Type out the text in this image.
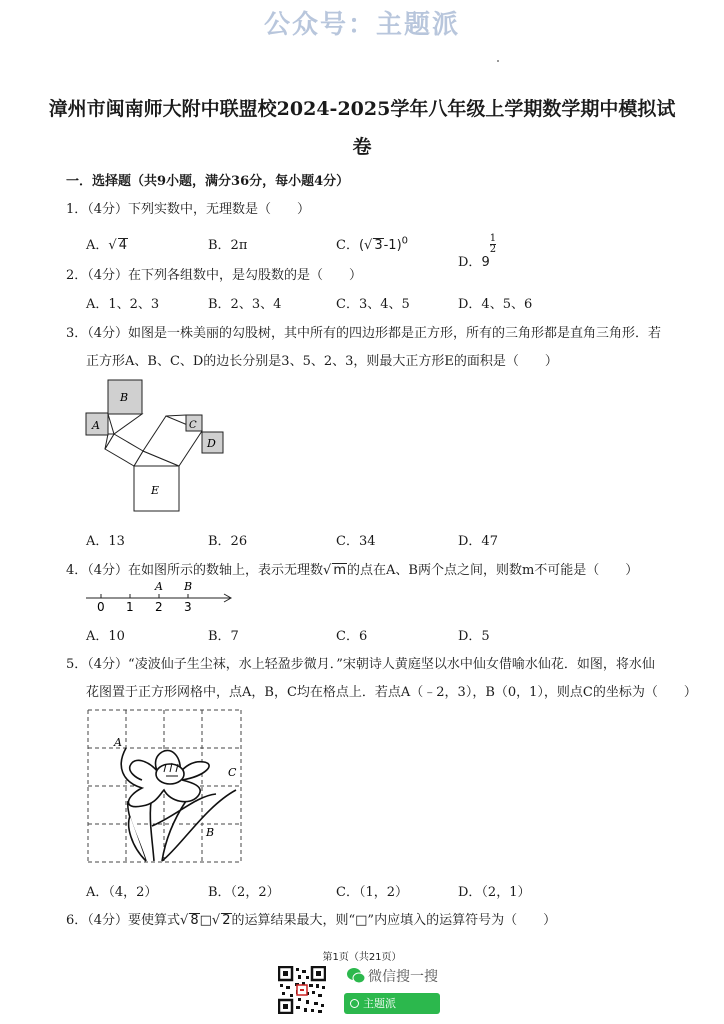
公众号：主题派
漳州市闽南师大附中联盟校2024-2025学年八年级上学期数学期中模拟试
卷
一．选择题（共9小题，满分36分，每小题4分）
1．（4分）下列实数中，无理数是（　　）
A．√ 4	B．2π	C．(√ 3-1)$^0$
D．9
$\frac{1}{2}$
2．（4分）在下列各组数中，是勾股数的是（　　）
A．1、2、3	B．2、3、4	C．3、4、5	D．4、5、6
3．（4分）如图是一株美丽的勾股树，其中所有的四边形都是正方形，所有的三角形都是直角三角形．若
正方形A、B、C、D的边长分别是3、5、2、3，则最大正方形E的面积是（　　）
A
B
C
D
E
A．13	B．26	C．34	D．47
4．（4分）在如图所示的数轴上，表示无理数√ m的点在A、B两个点之间，则数m不可能是（　　）
0 1 2 3
A B
A．10	B．7	C．6	D．5
5．（4分）“凌波仙子生尘袜，水上轻盈步微月．”宋朝诗人黄庭坚以水中仙女借喻水仙花．如图，将水仙
花图置于正方形网格中，点A，B，C均在格点上．若点A（﹣2，3），B（0，1），则点C的坐标为（　　）
A
B
C
A．（4，2）	B．（2，2）	C．（1，2）	D．（2，1）
6．（4分）要使算式√ 8□√ 2的运算结果最大，则“□”内应填入的运算符号为（　　）
第1页（共21页）
微信搜一搜
主题派
